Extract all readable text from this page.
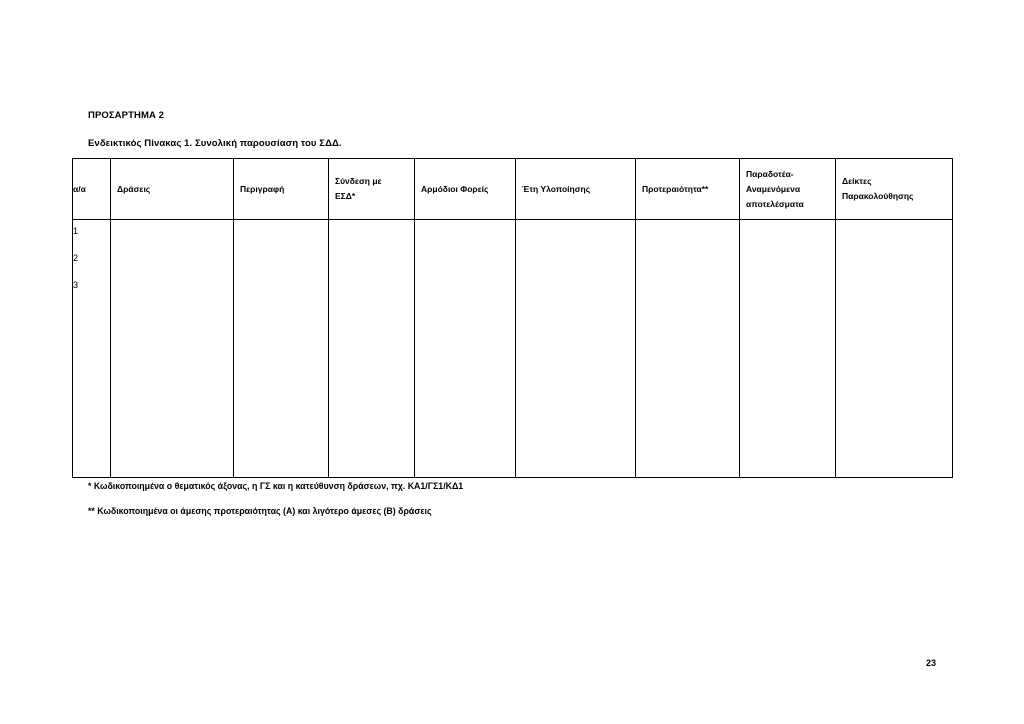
ΠΡΟΣΑΡΤΗΜΑ 2
Ενδεικτικός Πίνακας 1. Συνολική παρουσίαση του ΣΔΔ.
α/α	Δράσεις	Περιγραφή	Σύνδεση με ΕΣΔ*	Αρμόδιοι Φορείς	Έτη Υλοποίησης	Προτεραιότητα**	Παραδοτέα-Αναμενόμενα αποτελέσματα	Δείκτες Παρακολούθησης

1
2
3								

* Κωδικοποιημένα ο θεματικός άξονας, η ΓΣ και η κατεύθυνση δράσεων, πχ. ΚΑ1/ΓΣ1/ΚΔ1
** Κωδικοποιημένα οι άμεσης προτεραιότητας (Α) και λιγότερο άμεσες (Β) δράσεις
23
